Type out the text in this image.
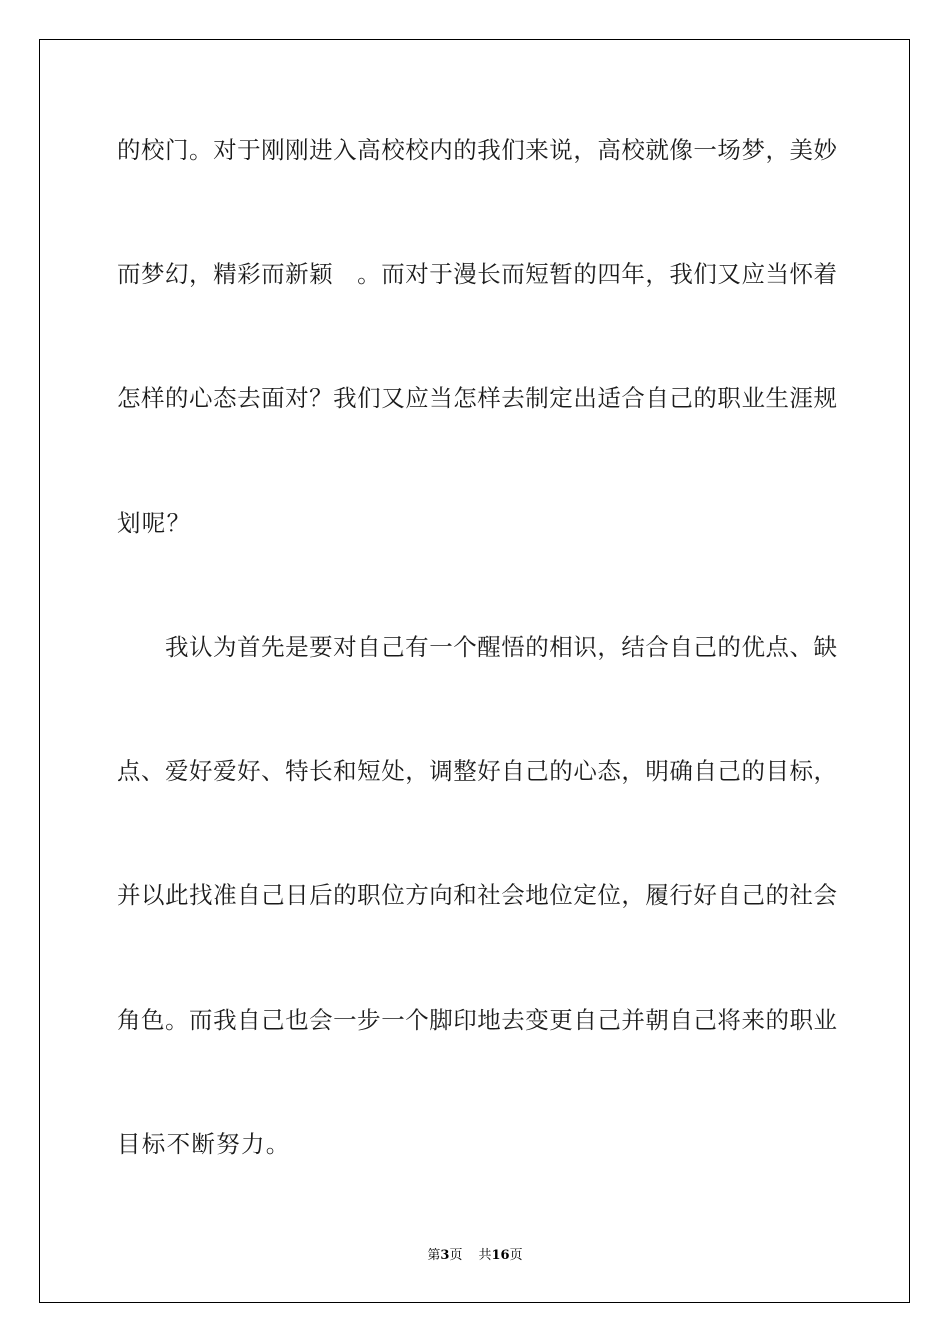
的校门。对于刚刚进入高校校内的我们来说，高校就像一场梦，美妙
而梦幻，精彩而新颖　。而对于漫长而短暂的四年，我们又应当怀着
怎样的心态去面对？我们又应当怎样去制定出适合自己的职业生涯规
划呢？
我认为首先是要对自己有一个醒悟的相识，结合自己的优点、缺
点、爱好爱好、特长和短处，调整好自己的心态，明确自己的目标，
并以此找准自己日后的职位方向和社会地位定位，履行好自己的社会
角色。而我自己也会一步一个脚印地去变更自己并朝自己将来的职业
目标不断努力。
第3页 共16页
